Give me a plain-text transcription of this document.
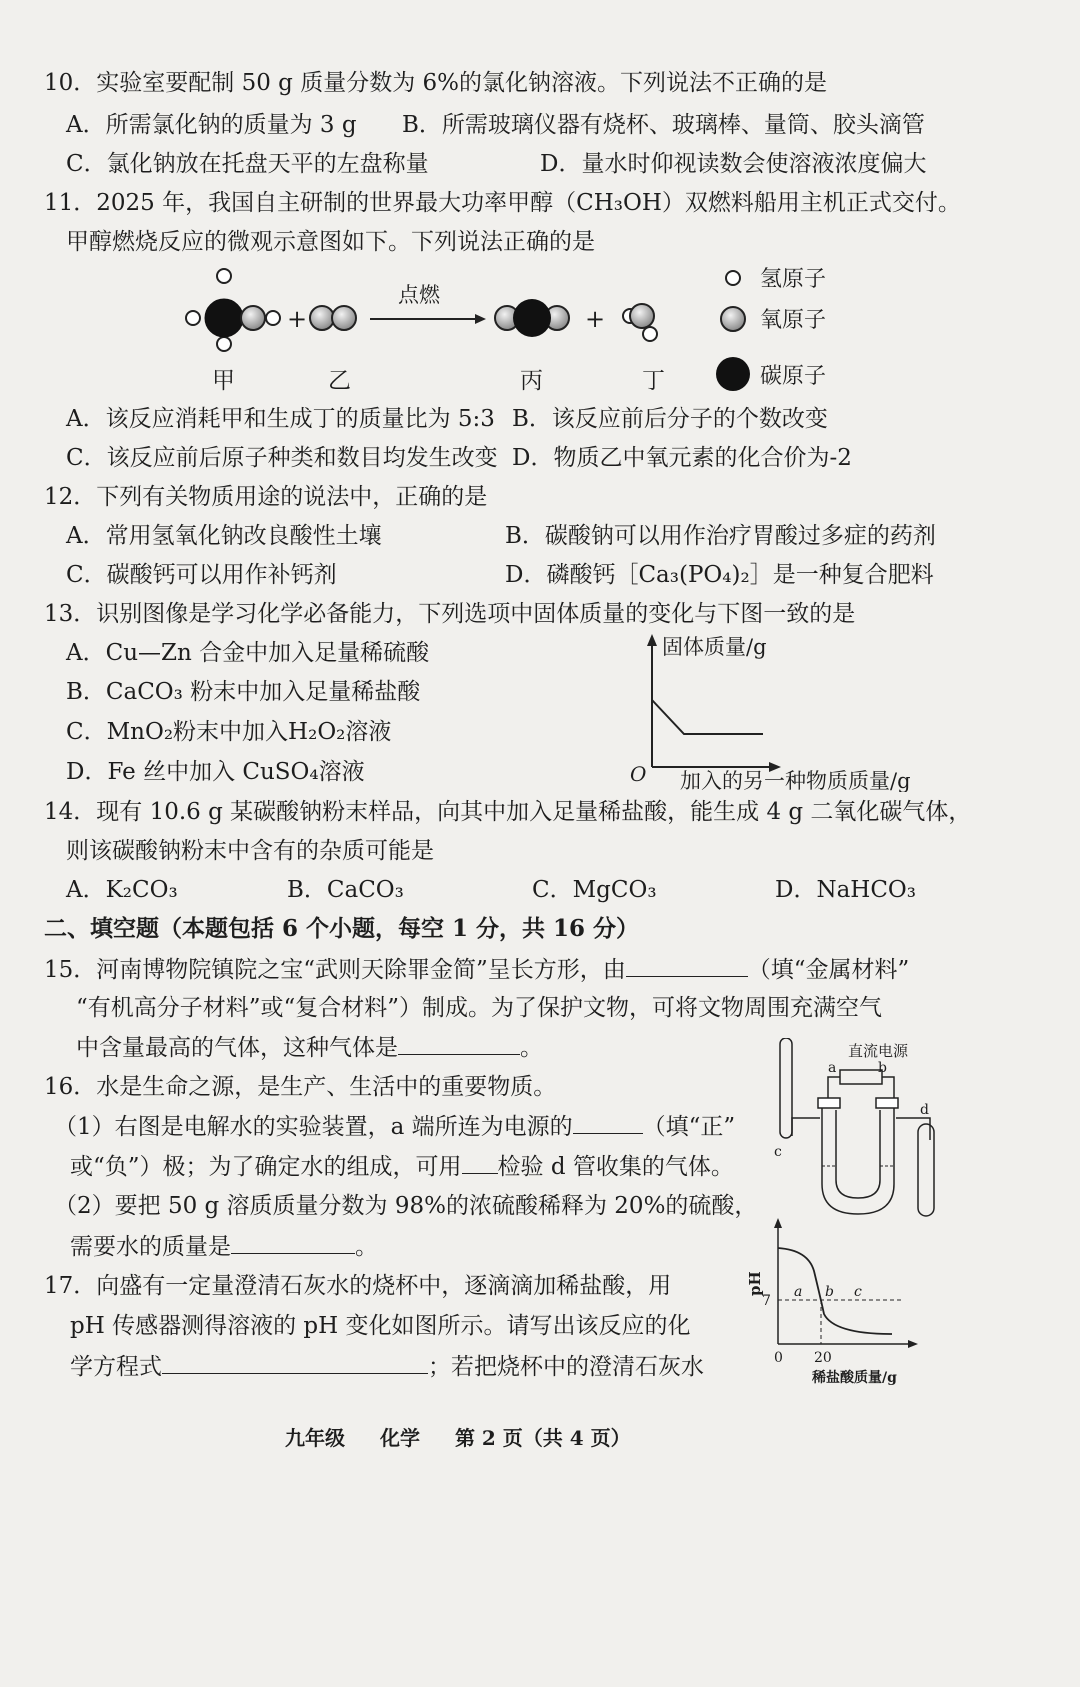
10．实验室要配制 50 g 质量分数为 6%的氯化钠溶液。下列说法不正确的是
A．所需氯化钠的质量为 3 g B．所需玻璃仪器有烧杯、玻璃棒、量筒、胶头滴管
C．氯化钠放在托盘天平的左盘称量	D．量水时仰视读数会使溶液浓度偏大
11．2025 年，我国自主研制的世界最大功率甲醇（CH₃OH）双燃料船用主机正式交付。
甲醇燃烧反应的微观示意图如下。下列说法正确的是
+
点燃
+
甲	乙	丙	丁
氢原子
氧原子
碳原子
A．该反应消耗甲和生成丁的质量比为 5:3 B．该反应前后分子的个数改变
C．该反应前后原子种类和数目均发生改变 D．物质乙中氧元素的化合价为-2
12．下列有关物质用途的说法中，正确的是
A．常用氢氧化钠改良酸性土壤	B．碳酸钠可以用作治疗胃酸过多症的药剂
C．碳酸钙可以用作补钙剂	D．磷酸钙［Ca₃(PO₄)₂］是一种复合肥料
13．识别图像是学习化学必备能力，下列选项中固体质量的变化与下图一致的是
A．Cu—Zn 合金中加入足量稀硫酸
B．CaCO₃ 粉末中加入足量稀盐酸
C．MnO₂粉末中加入H₂O₂溶液
D．Fe 丝中加入 CuSO₄溶液
固体质量/g
O 加入的另一种物质质量/g
14．现有 10.6 g 某碳酸钠粉末样品，向其中加入足量稀盐酸，能生成 4 g 二氧化碳气体，
则该碳酸钠粉末中含有的杂质可能是
A．K₂CO₃	B．CaCO₃	C．MgCO₃	D．NaHCO₃
二、填空题（本题包括 6 个小题，每空 1 分，共 16 分）
15．河南博物院镇院之宝“武则天除罪金简”呈长方形，由	（填“金属材料”
“有机高分子材料”或“复合材料”）制成。为了保护文物，可将文物周围充满空气
中含量最高的气体，这种气体是	。
16．水是生命之源，是生产、生活中的重要物质。
（1）右图是电解水的实验装置，a 端所连为电源的	（填“正”
或“负”）极；为了确定水的组成，可用 检验 d 管收集的气体。
（2）要把 50 g 溶质质量分数为 98%的浓硫酸稀释为 20%的硫酸，
需要水的质量是	。
直流电源
a	b
c
d
17．向盛有一定量澄清石灰水的烧杯中，逐滴滴加稀盐酸，用
pH 传感器测得溶液的 pH 变化如图所示。请写出该反应的化
学方程式	；若把烧杯中的澄清石灰水
pH
7
a b c
0 20
稀盐酸质量/g
九年级 化学 第 2 页（共 4 页）
